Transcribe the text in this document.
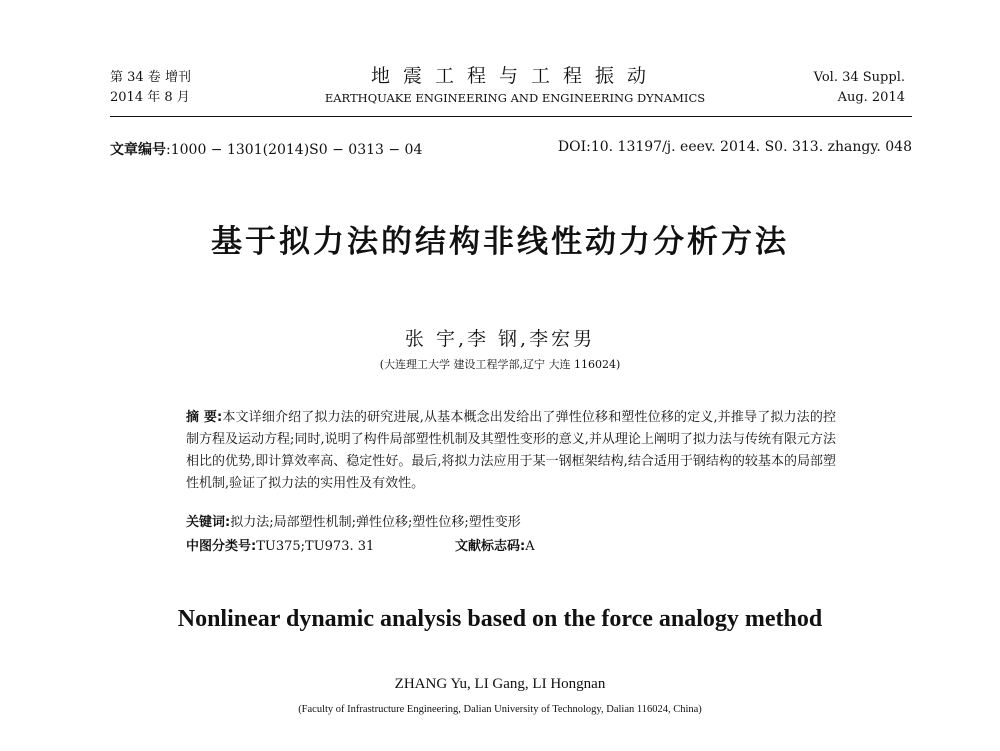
第 34 卷 增刊
2014 年 8 月
地震工程与工程振动
EARTHQUAKE ENGINEERING AND ENGINEERING DYNAMICS
Vol. 34 Suppl.
Aug. 2014
文章编号:1000 − 1301(2014)S0 − 0313 − 04	DOI:10. 13197/j. eeev. 2014. S0. 313. zhangy. 048
基于拟力法的结构非线性动力分析方法
张 宇,李 钢,李宏男
(大连理工大学 建设工程学部,辽宁 大连 116024)
摘 要:本文详细介绍了拟力法的研究进展,从基本概念出发给出了弹性位移和塑性位移的定义,并推导了拟力法的控制方程及运动方程;同时,说明了构件局部塑性机制及其塑性变形的意义,并从理论上阐明了拟力法与传统有限元方法相比的优势,即计算效率高、稳定性好。最后,将拟力法应用于某一钢框架结构,结合适用于钢结构的较基本的局部塑性机制,验证了拟力法的实用性及有效性。
关键词:拟力法;局部塑性机制;弹性位移;塑性位移;塑性变形
中图分类号:TU375;TU973. 31	文献标志码:A
Nonlinear dynamic analysis based on the force analogy method
ZHANG Yu, LI Gang, LI Hongnan
(Faculty of Infrastructure Engineering, Dalian University of Technology, Dalian 116024, China)
